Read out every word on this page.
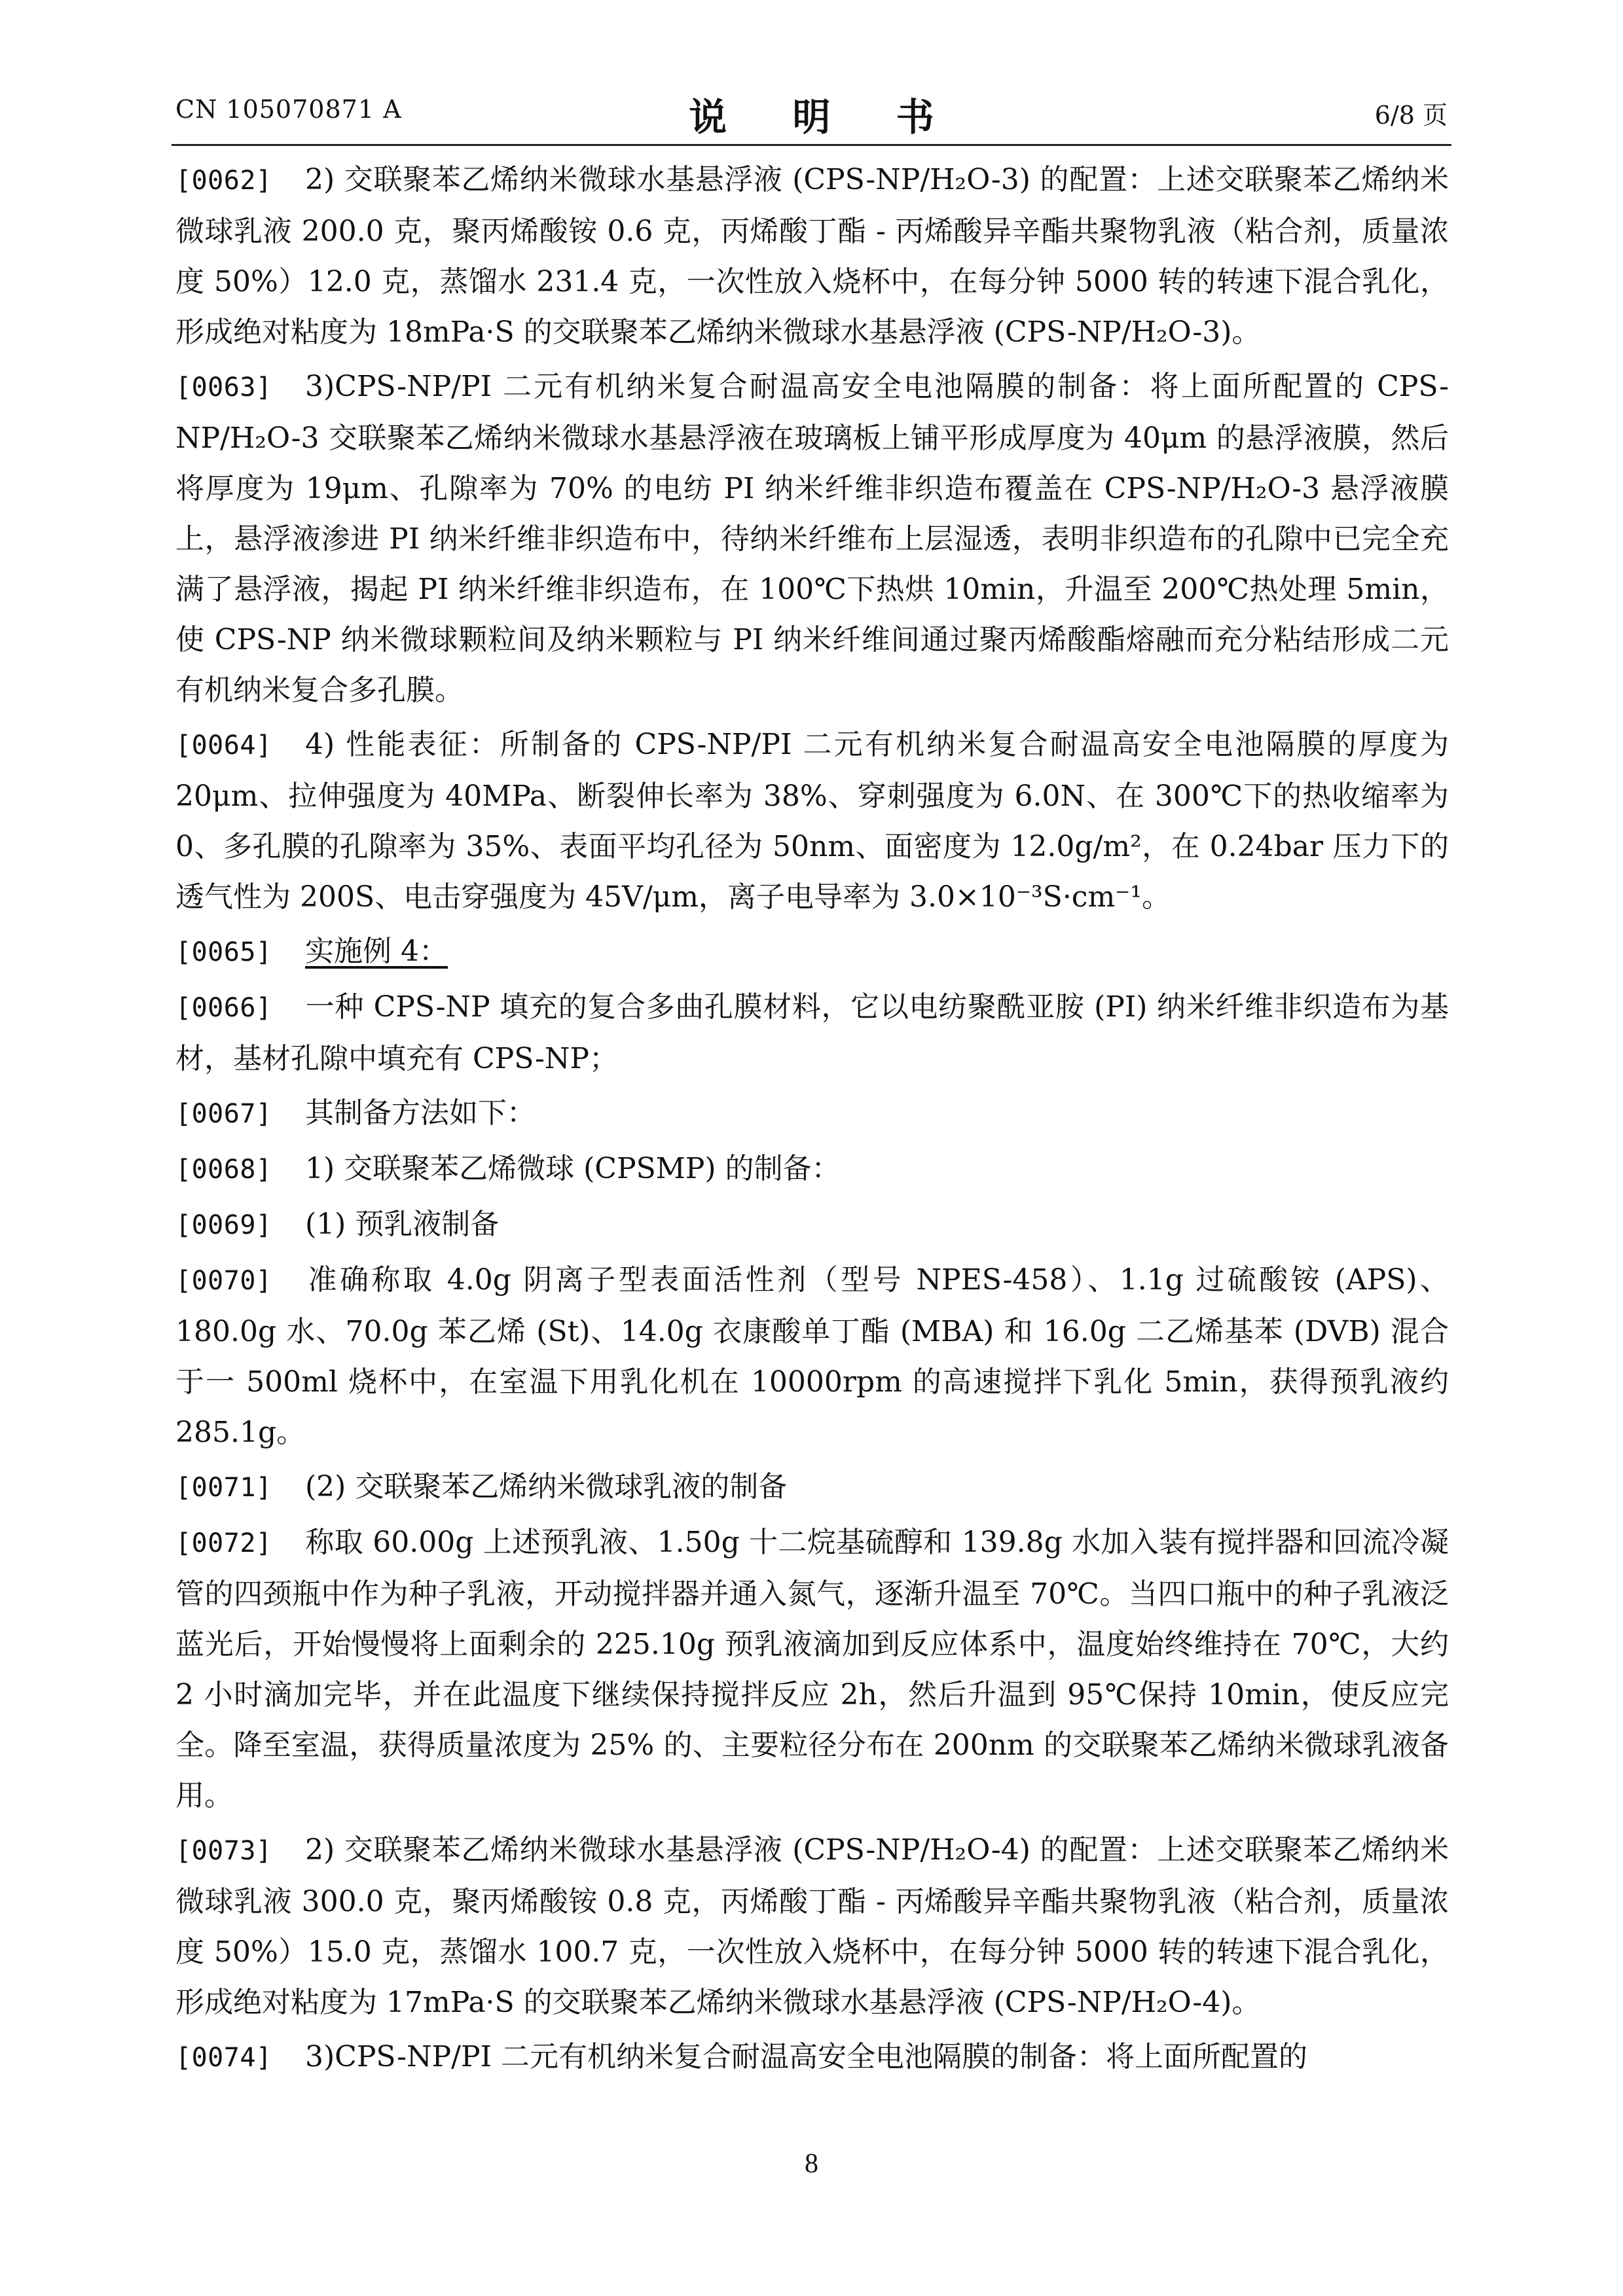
CN 105070871 A	说 明 书	6/8 页

[0062] 2) 交联聚苯乙烯纳米微球水基悬浮液 (CPS-NP/H₂O-3) 的配置：上述交联聚苯乙烯纳米微球乳液 200.0 克，聚丙烯酸铵 0.6 克，丙烯酸丁酯 - 丙烯酸异辛酯共聚物乳液（粘合剂，质量浓度 50%）12.0 克，蒸馏水 231.4 克，一次性放入烧杯中，在每分钟 5000 转的转速下混合乳化，形成绝对粘度为 18mPa·S 的交联聚苯乙烯纳米微球水基悬浮液 (CPS-NP/H₂O-3)。

[0063] 3)CPS-NP/PI 二元有机纳米复合耐温高安全电池隔膜的制备：将上面所配置的 CPS-NP/H₂O-3 交联聚苯乙烯纳米微球水基悬浮液在玻璃板上铺平形成厚度为 40μm 的悬浮液膜，然后将厚度为 19μm、孔隙率为 70% 的电纺 PI 纳米纤维非织造布覆盖在 CPS-NP/H₂O-3 悬浮液膜上，悬浮液渗进 PI 纳米纤维非织造布中，待纳米纤维布上层湿透，表明非织造布的孔隙中已完全充满了悬浮液，揭起 PI 纳米纤维非织造布，在 100℃下热烘 10min，升温至 200℃热处理 5min，使 CPS-NP 纳米微球颗粒间及纳米颗粒与 PI 纳米纤维间通过聚丙烯酸酯熔融而充分粘结形成二元有机纳米复合多孔膜。

[0064] 4) 性能表征：所制备的 CPS-NP/PI 二元有机纳米复合耐温高安全电池隔膜的厚度为 20μm、拉伸强度为 40MPa、断裂伸长率为 38%、穿刺强度为 6.0N、在 300℃下的热收缩率为 0、多孔膜的孔隙率为 35%、表面平均孔径为 50nm、面密度为 12.0g/m²，在 0.24bar 压力下的透气性为 200S、电击穿强度为 45V/μm，离子电导率为 3.0×10⁻³S·cm⁻¹。

[0065] 实施例 4：

[0066] 一种 CPS-NP 填充的复合多曲孔膜材料，它以电纺聚酰亚胺 (PI) 纳米纤维非织造布为基材，基材孔隙中填充有 CPS-NP；

[0067] 其制备方法如下：

[0068] 1) 交联聚苯乙烯微球 (CPSMP) 的制备：

[0069] (1) 预乳液制备

[0070] 准确称取 4.0g 阴离子型表面活性剂（型号 NPES-458）、1.1g 过硫酸铵 (APS)、180.0g 水、70.0g 苯乙烯 (St)、14.0g 衣康酸单丁酯 (MBA) 和 16.0g 二乙烯基苯 (DVB) 混合于一 500ml 烧杯中，在室温下用乳化机在 10000rpm 的高速搅拌下乳化 5min，获得预乳液约 285.1g。

[0071] (2) 交联聚苯乙烯纳米微球乳液的制备

[0072] 称取 60.00g 上述预乳液、1.50g 十二烷基硫醇和 139.8g 水加入装有搅拌器和回流冷凝管的四颈瓶中作为种子乳液，开动搅拌器并通入氮气，逐渐升温至 70℃。当四口瓶中的种子乳液泛蓝光后，开始慢慢将上面剩余的 225.10g 预乳液滴加到反应体系中，温度始终维持在 70℃，大约 2 小时滴加完毕，并在此温度下继续保持搅拌反应 2h，然后升温到 95℃保持 10min，使反应完全。降至室温，获得质量浓度为 25% 的、主要粒径分布在 200nm 的交联聚苯乙烯纳米微球乳液备用。

[0073] 2) 交联聚苯乙烯纳米微球水基悬浮液 (CPS-NP/H₂O-4) 的配置：上述交联聚苯乙烯纳米微球乳液 300.0 克，聚丙烯酸铵 0.8 克，丙烯酸丁酯 - 丙烯酸异辛酯共聚物乳液（粘合剂，质量浓度 50%）15.0 克，蒸馏水 100.7 克，一次性放入烧杯中，在每分钟 5000 转的转速下混合乳化，形成绝对粘度为 17mPa·S 的交联聚苯乙烯纳米微球水基悬浮液 (CPS-NP/H₂O-4)。

[0074] 3)CPS-NP/PI 二元有机纳米复合耐温高安全电池隔膜的制备：将上面所配置的

8
